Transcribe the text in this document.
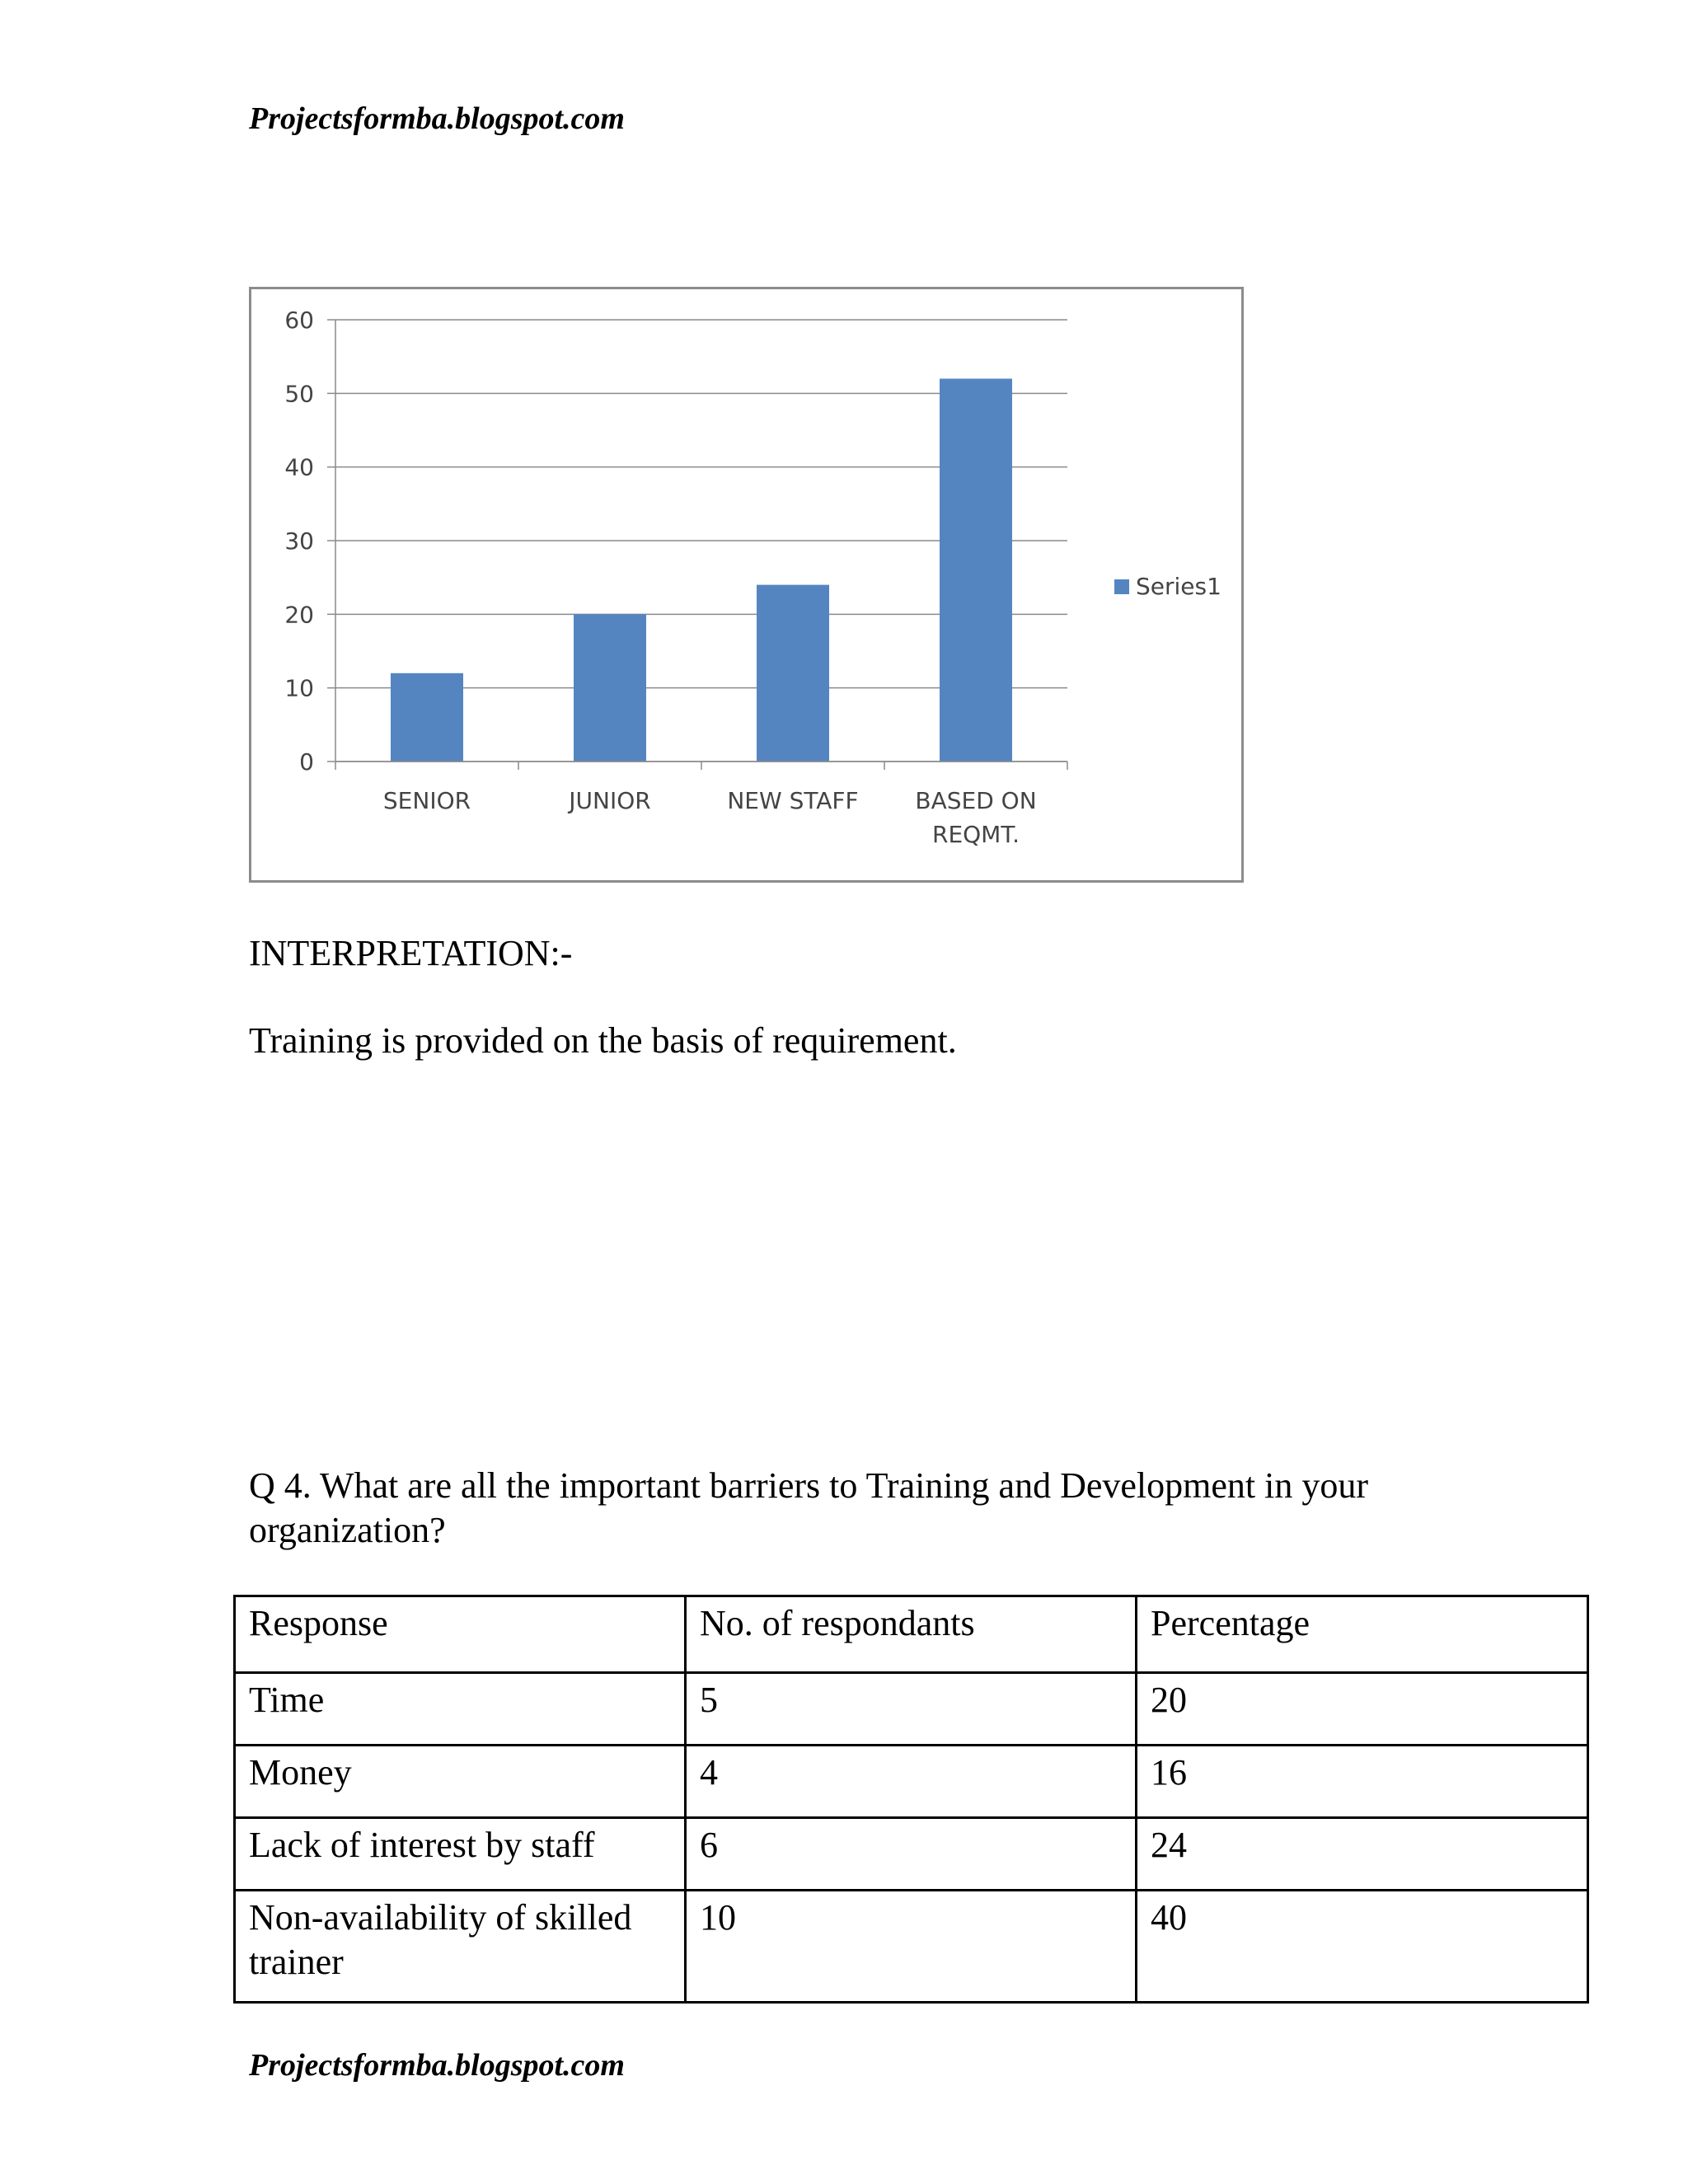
Projectsformba.blogspot.com
0
10
20
30
40
50
60
SENIOR	JUNIOR	NEW STAFF BASED ON
REQMT.
Series1
INTERPRETATION:-
Training is provided on the basis of requirement.
Q 4. What are all the important barriers to Training and Development in your organization?
Response	No. of respondants	Percentage
Time	5	20
Money	4	16
Lack of interest by staff	6	24
Non-availability of skilled trainer	10	40
Projectsformba.blogspot.com
